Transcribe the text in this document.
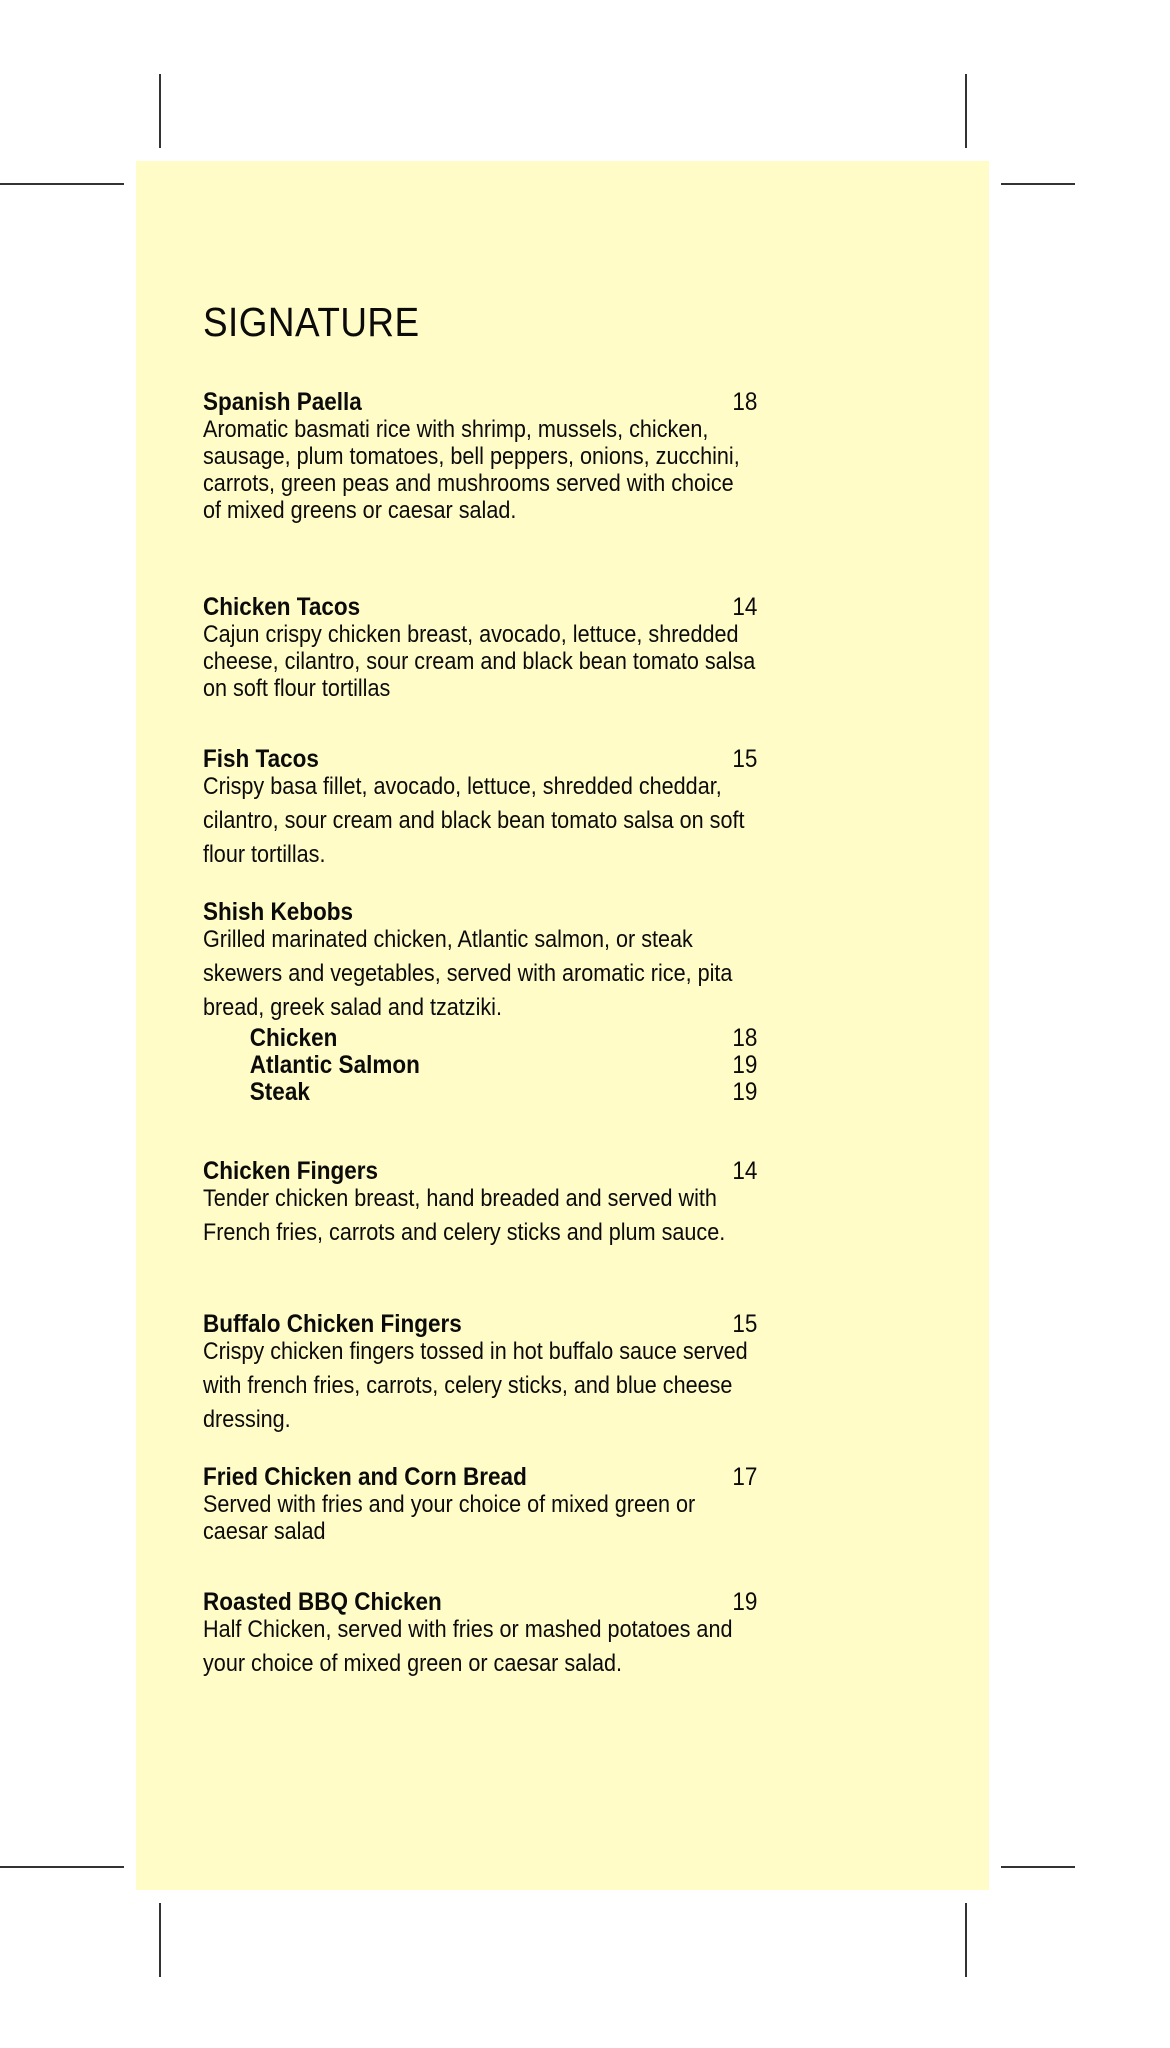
SIGNATURE
Spanish Paella	18

Aromatic basmati rice with shrimp, mussels, chicken, sausage, plum tomatoes, bell peppers, onions, zucchini, carrots, green peas and mushrooms served with choice of mixed greens or caesar salad.

Chicken Tacos	14

Cajun crispy chicken breast, avocado, lettuce, shredded cheese, cilantro, sour cream and black bean tomato salsa on soft flour tortillas

Fish Tacos	15

Crispy basa fillet, avocado, lettuce, shredded cheddar, cilantro, sour cream and black bean tomato salsa on soft flour tortillas.

Shish Kebobs

Grilled marinated chicken, Atlantic salmon, or steak skewers and vegetables, served with aromatic rice, pita bread, greek salad and tzatziki.

Chicken	18
Atlantic Salmon	19
Steak	19
Chicken Fingers	14

Tender chicken breast, hand breaded and served with French fries, carrots and celery sticks and plum sauce.

Buffalo Chicken Fingers	15

Crispy chicken fingers tossed in hot buffalo sauce served with french fries, carrots, celery sticks, and blue cheese dressing.

Fried Chicken and Corn Bread	17

Served with fries and your choice of mixed green or caesar salad

Roasted BBQ Chicken	19

Half Chicken, served with fries or mashed potatoes and your choice of mixed green or caesar salad.
